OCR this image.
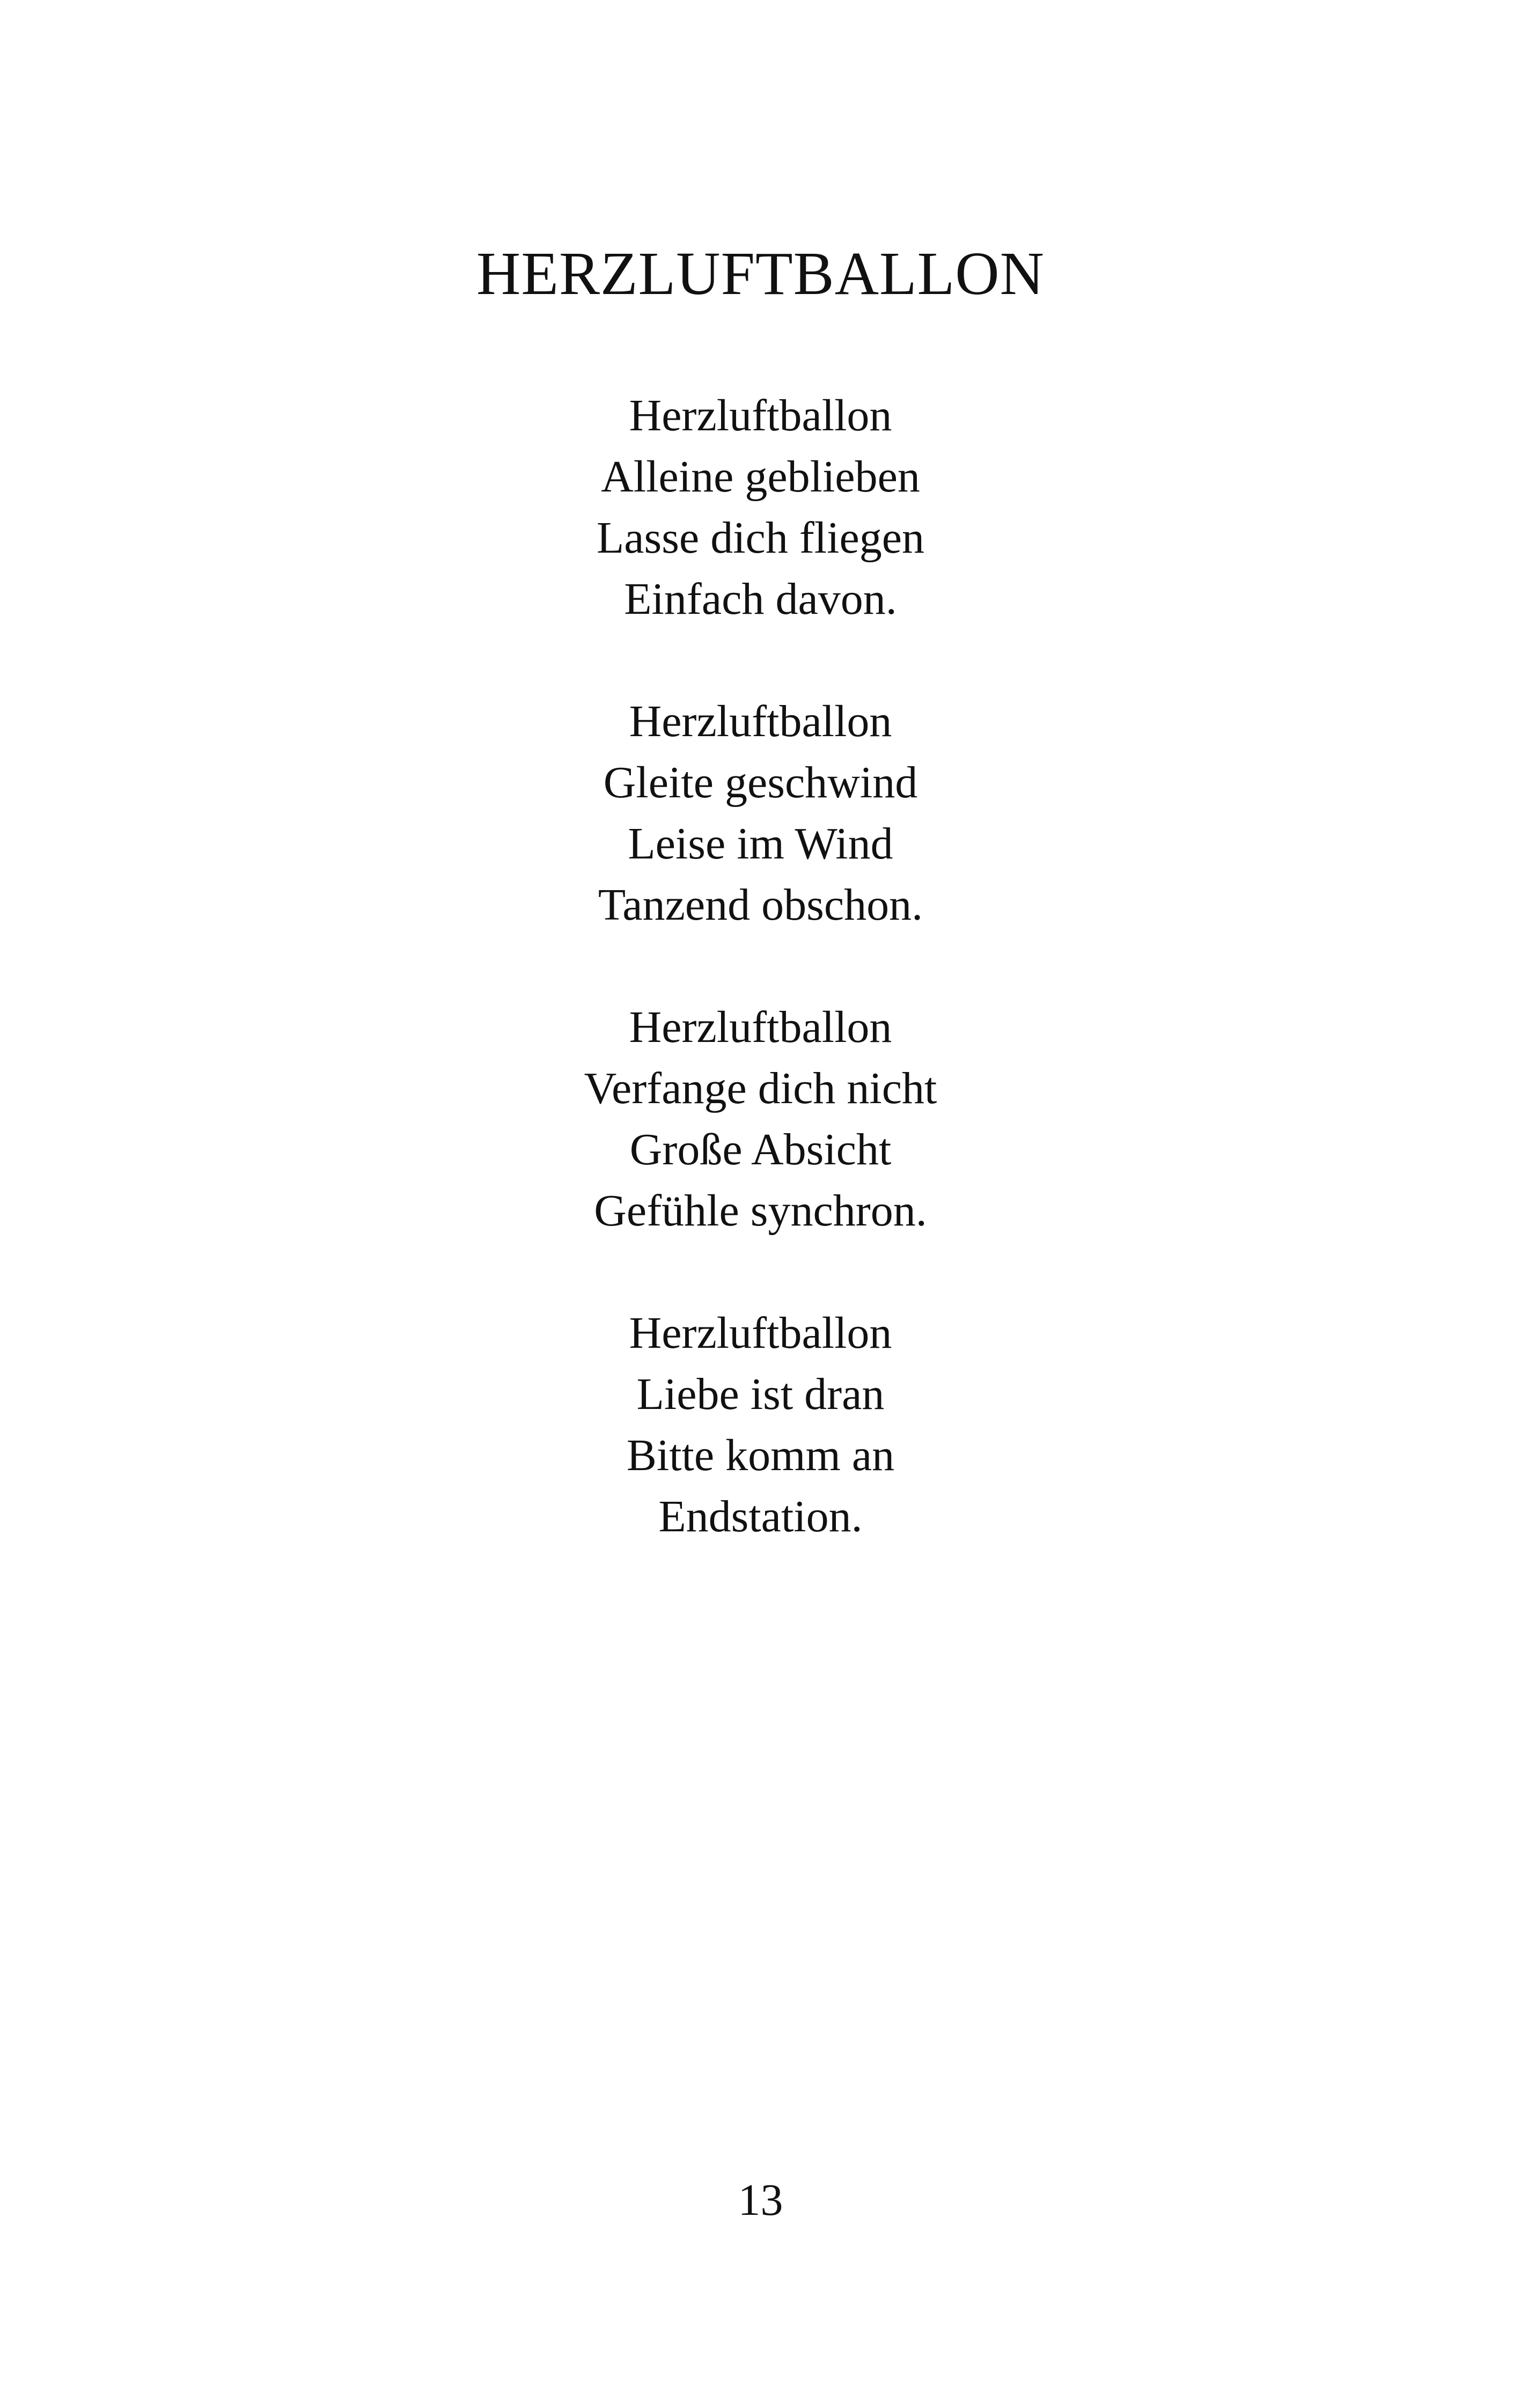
HERZLUFTBALLON
Herzluftballon
Alleine geblieben
Lasse dich fliegen
Einfach davon.
Herzluftballon
Gleite geschwind
Leise im Wind
Tanzend obschon.
Herzluftballon
Verfange dich nicht
Große Absicht
Gefühle synchron.
Herzluftballon
Liebe ist dran
Bitte komm an
Endstation.
13
